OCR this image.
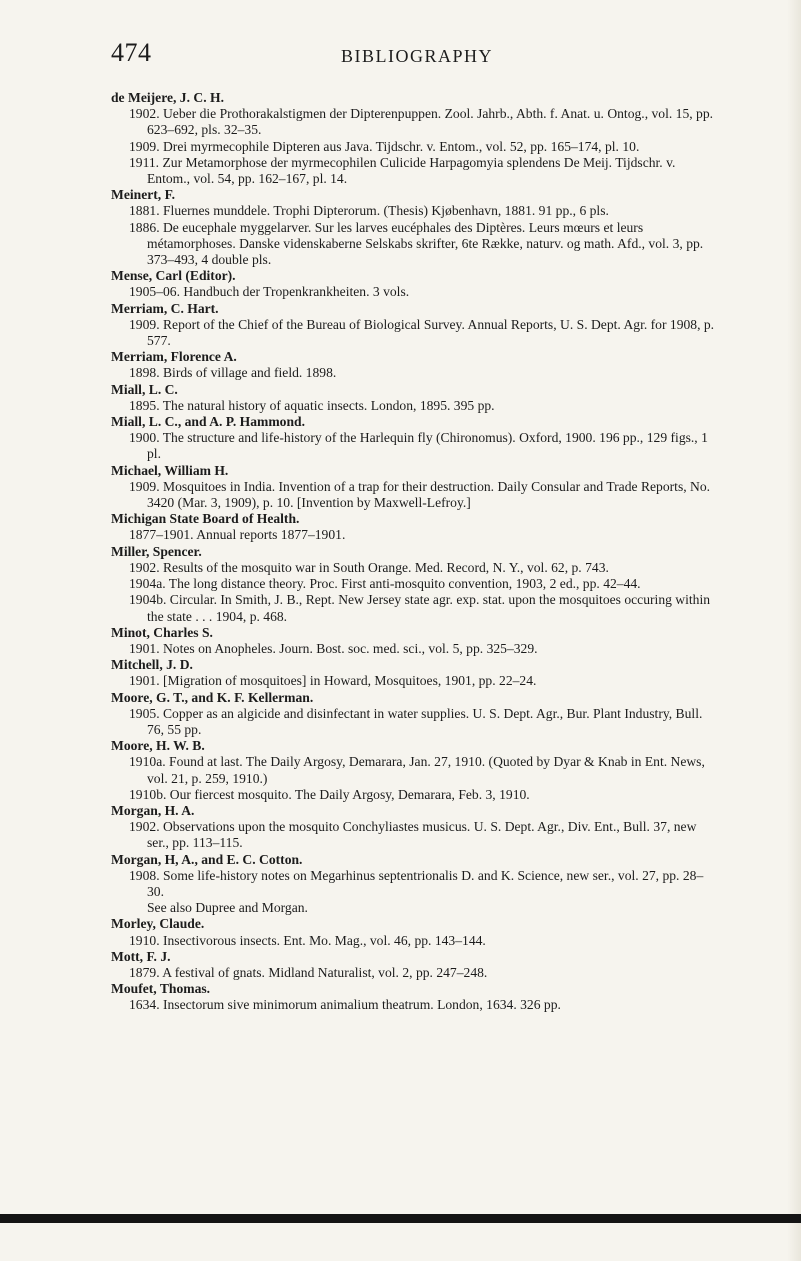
474	BIBLIOGRAPHY
de Meijere, J. C. H.
1902. Ueber die Prothorakalstigmen der Dipterenpuppen. Zool. Jahrb., Abth. f. Anat. u. Ontog., vol. 15, pp. 623–692, pls. 32–35.
1909. Drei myrmecophile Dipteren aus Java. Tijdschr. v. Entom., vol. 52, pp. 165–174, pl. 10.
1911. Zur Metamorphose der myrmecophilen Culicide Harpagomyia splendens De Meij. Tijdschr. v. Entom., vol. 54, pp. 162–167, pl. 14.
Meinert, F.
1881. Fluernes munddele. Trophi Dipterorum. (Thesis) Kjøbenhavn, 1881. 91 pp., 6 pls.
1886. De eucephale myggelarver. Sur les larves eucéphales des Diptères. Leurs mœurs et leurs métamorphoses. Danske videnskaberne Selskabs skrifter, 6te Række, naturv. og math. Afd., vol. 3, pp. 373–493, 4 double pls.
Mense, Carl (Editor).
1905–06. Handbuch der Tropenkrankheiten. 3 vols.
Merriam, C. Hart.
1909. Report of the Chief of the Bureau of Biological Survey. Annual Reports, U. S. Dept. Agr. for 1908, p. 577.
Merriam, Florence A.
1898. Birds of village and field. 1898.
Miall, L. C.
1895. The natural history of aquatic insects. London, 1895. 395 pp.
Miall, L. C., and A. P. Hammond.
1900. The structure and life-history of the Harlequin fly (Chironomus). Oxford, 1900. 196 pp., 129 figs., 1 pl.
Michael, William H.
1909. Mosquitoes in India. Invention of a trap for their destruction. Daily Consular and Trade Reports, No. 3420 (Mar. 3, 1909), p. 10. [Invention by Maxwell-Lefroy.]
Michigan State Board of Health.
1877–1901. Annual reports 1877–1901.
Miller, Spencer.
1902. Results of the mosquito war in South Orange. Med. Record, N. Y., vol. 62, p. 743.
1904a. The long distance theory. Proc. First anti-mosquito convention, 1903, 2 ed., pp. 42–44.
1904b. Circular. In Smith, J. B., Rept. New Jersey state agr. exp. stat. upon the mosquitoes occuring within the state . . . 1904, p. 468.
Minot, Charles S.
1901. Notes on Anopheles. Journ. Bost. soc. med. sci., vol. 5, pp. 325–329.
Mitchell, J. D.
1901. [Migration of mosquitoes] in Howard, Mosquitoes, 1901, pp. 22–24.
Moore, G. T., and K. F. Kellerman.
1905. Copper as an algicide and disinfectant in water supplies. U. S. Dept. Agr., Bur. Plant Industry, Bull. 76, 55 pp.
Moore, H. W. B.
1910a. Found at last. The Daily Argosy, Demarara, Jan. 27, 1910. (Quoted by Dyar & Knab in Ent. News, vol. 21, p. 259, 1910.)
1910b. Our fiercest mosquito. The Daily Argosy, Demarara, Feb. 3, 1910.
Morgan, H. A.
1902. Observations upon the mosquito Conchyliastes musicus. U. S. Dept. Agr., Div. Ent., Bull. 37, new ser., pp. 113–115.
Morgan, H, A., and E. C. Cotton.
1908. Some life-history notes on Megarhinus septentrionalis D. and K. Science, new ser., vol. 27, pp. 28–30.
See also Dupree and Morgan.
Morley, Claude.
1910. Insectivorous insects. Ent. Mo. Mag., vol. 46, pp. 143–144.
Mott, F. J.
1879. A festival of gnats. Midland Naturalist, vol. 2, pp. 247–248.
Moufet, Thomas.
1634. Insectorum sive minimorum animalium theatrum. London, 1634. 326 pp.
